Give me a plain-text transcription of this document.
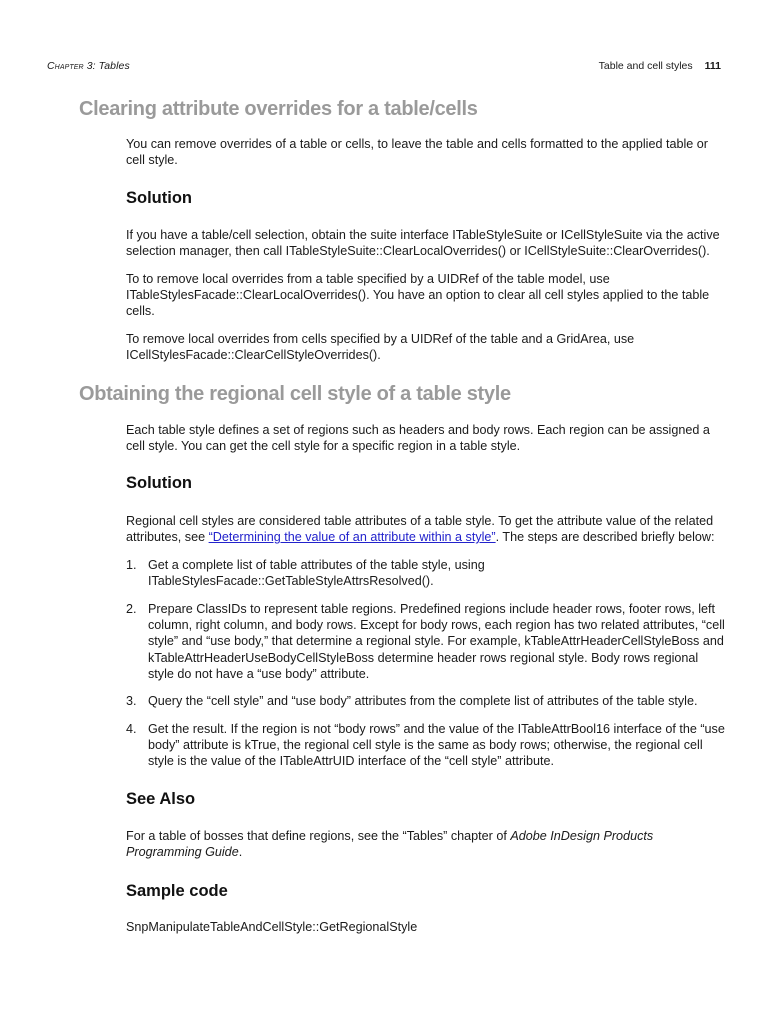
Chapter 3: Tables	Table and cell styles 111
Clearing attribute overrides for a table/cells

You can remove overrides of a table or cells, to leave the table and cells formatted to the applied table or cell style.

Solution

If you have a table/cell selection, obtain the suite interface ITableStyleSuite or ICellStyleSuite via the active selection manager, then call ITableStyleSuite::ClearLocalOverrides() or ICellStyleSuite::ClearOverrides().

To to remove local overrides from a table specified by a UIDRef of the table model, use ITableStylesFacade::ClearLocalOverrides(). You have an option to clear all cell styles applied to the table cells.

To remove local overrides from cells specified by a UIDRef of the table and a GridArea, use ICellStylesFacade::ClearCellStyleOverrides().

Obtaining the regional cell style of a table style

Each table style defines a set of regions such as headers and body rows. Each region can be assigned a cell style. You can get the cell style for a specific region in a table style.

Solution

Regional cell styles are considered table attributes of a table style. To get the attribute value of the related attributes, see “Determining the value of an attribute within a style”. The steps are described briefly below:

1. Get a complete list of table attributes of the table style, using ITableStylesFacade::GetTableStyleAttrsResolved().
2. Prepare ClassIDs to represent table regions. Predefined regions include header rows, footer rows, left column, right column, and body rows. Except for body rows, each region has two related attributes, “cell style” and “use body,” that determine a regional style. For example, kTableAttrHeaderCellStyleBoss and kTableAttrHeaderUseBodyCellStyleBoss determine header rows regional style. Body rows regional style do not have a “use body” attribute.
3. Query the “cell style” and “use body” attributes from the complete list of attributes of the table style.
4. Get the result. If the region is not “body rows” and the value of the ITableAttrBool16 interface of the “use body” attribute is kTrue, the regional cell style is the same as body rows; otherwise, the regional cell style is the value of the ITableAttrUID interface of the “cell style” attribute.
See Also

For a table of bosses that define regions, see the “Tables” chapter of Adobe InDesign Products Programming Guide.

Sample code

SnpManipulateTableAndCellStyle::GetRegionalStyle
